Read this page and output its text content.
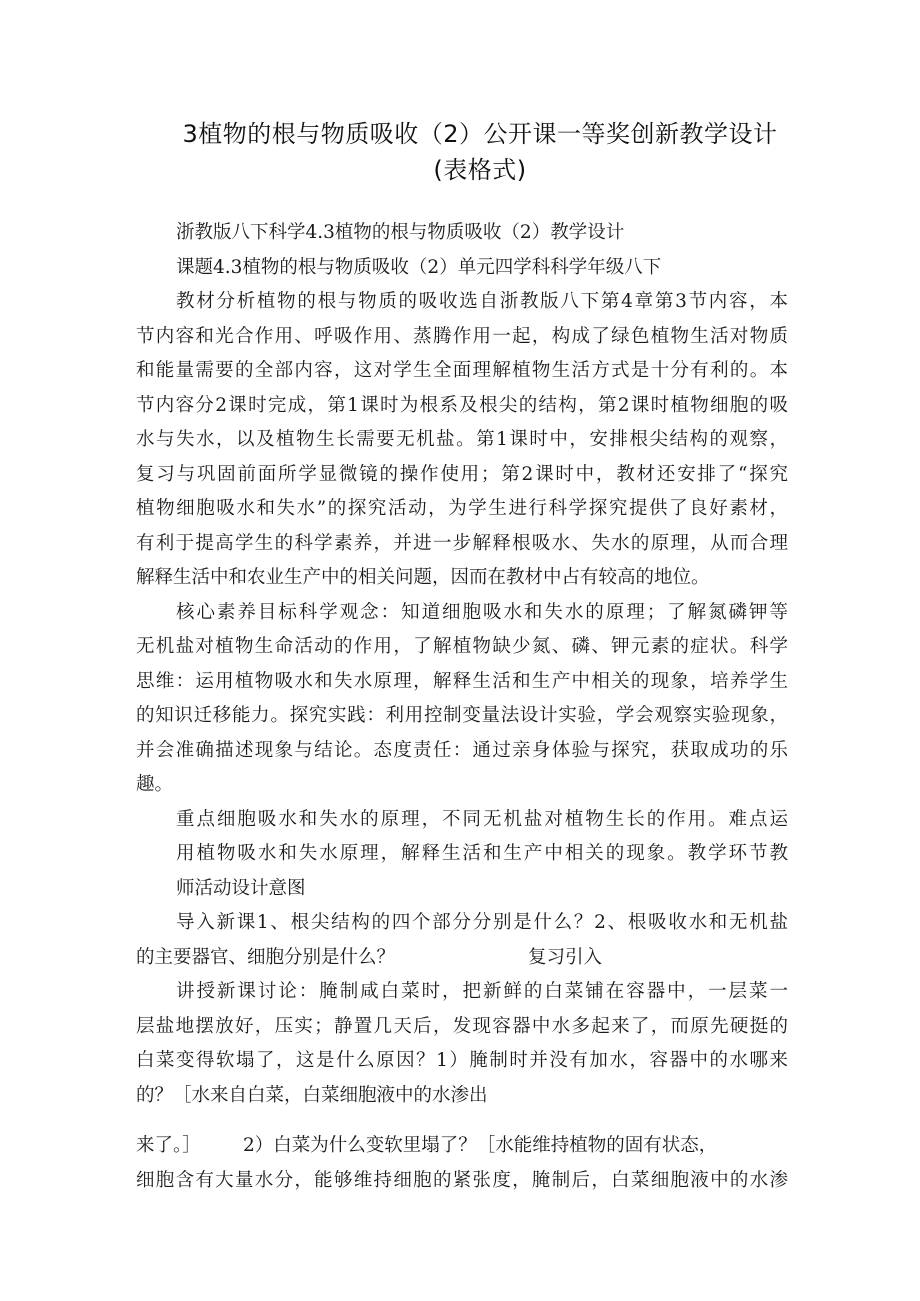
3植物的根与物质吸收（2）公开课一等奖创新教学设计
(表格式)
浙教版八下科学4.3植物的根与物质吸收（2）教学设计
课题4.3植物的根与物质吸收（2）单元四学科科学年级八下
教材分析植物的根与物质的吸收选自浙教版八下第4章第3节内容，本
节内容和光合作用、呼吸作用、蒸腾作用一起，构成了绿色植物生活对物质
和能量需要的全部内容，这对学生全面理解植物生活方式是十分有利的。本
节内容分2课时完成，第1课时为根系及根尖的结构，第2课时植物细胞的吸
水与失水，以及植物生长需要无机盐。第1课时中，安排根尖结构的观察，
复习与巩固前面所学显微镜的操作使用；第2课时中，教材还安排了“探究
植物细胞吸水和失水”的探究活动，为学生进行科学探究提供了良好素材，
有利于提高学生的科学素养，并进一步解释根吸水、失水的原理，从而合理
解释生活中和农业生产中的相关问题，因而在教材中占有较高的地位。
核心素养目标科学观念：知道细胞吸水和失水的原理；了解氮磷钾等
无机盐对植物生命活动的作用，了解植物缺少氮、磷、钾元素的症状。科学
思维：运用植物吸水和失水原理，解释生活和生产中相关的现象，培养学生
的知识迁移能力。探究实践：利用控制变量法设计实验，学会观察实验现象，
并会准确描述现象与结论。态度责任：通过亲身体验与探究，获取成功的乐
趣。
重点细胞吸水和失水的原理，不同无机盐对植物生长的作用。难点运
用植物吸水和失水原理，解释生活和生产中相关的现象。教学环节教
师活动设计意图
导入新课1、根尖结构的四个部分分别是什么？2、根吸收水和无机盐
的主要器官、细胞分别是什么？	复习引入
讲授新课讨论：腌制咸白菜时，把新鲜的白菜铺在容器中，一层菜一
层盐地摆放好，压实；静置几天后，发现容器中水多起来了，而原先硬挺的
白菜变得软塌了，这是什么原因？1）腌制时并没有加水，容器中的水哪来
的？［水来自白菜，白菜细胞液中的水渗出
来了。］ 2）白菜为什么变软里塌了？［水能维持植物的固有状态，
细胞含有大量水分，能够维持细胞的紧张度，腌制后，白菜细胞液中的水渗
